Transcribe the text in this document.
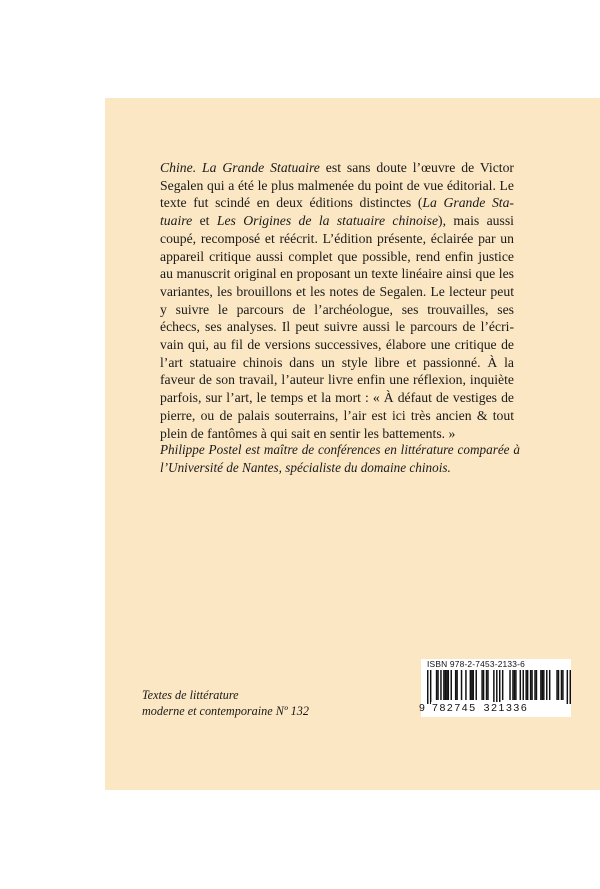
Chine. La Grande Statuaire est sans doute l’œuvre de Victor Segalen qui a été le plus malmenée du point de vue éditorial. Le texte fut scindé en deux éditions distinctes (La Grande Sta-tuaire et Les Origines de la statuaire chinoise), mais aussi coupé, recomposé et réécrit. L’édition présente, éclairée par un appareil critique aussi complet que possible, rend enfin justice au manuscrit original en proposant un texte linéaire ainsi que les variantes, les brouillons et les notes de Segalen. Le lecteur peut y suivre le parcours de l’archéologue, ses trouvailles, ses échecs, ses analyses. Il peut suivre aussi le parcours de l’écri-vain qui, au fil de versions successives, élabore une critique de l’art statuaire chinois dans un style libre et passionné. À la faveur de son travail, l’auteur livre enfin une réflexion, inquiète parfois, sur l’art, le temps et la mort : « À défaut de vestiges de pierre, ou de palais souterrains, l’air est ici très ancien & tout plein de fantômes à qui sait en sentir les battements. »

Philippe Postel est maître de conférences en littérature comparée à l’Université de Nantes, spécialiste du domaine chinois.

Textes de littérature
moderne et contemporaine Nº 132
ISBN 978-2-7453-2133-6
9 782745 321336
